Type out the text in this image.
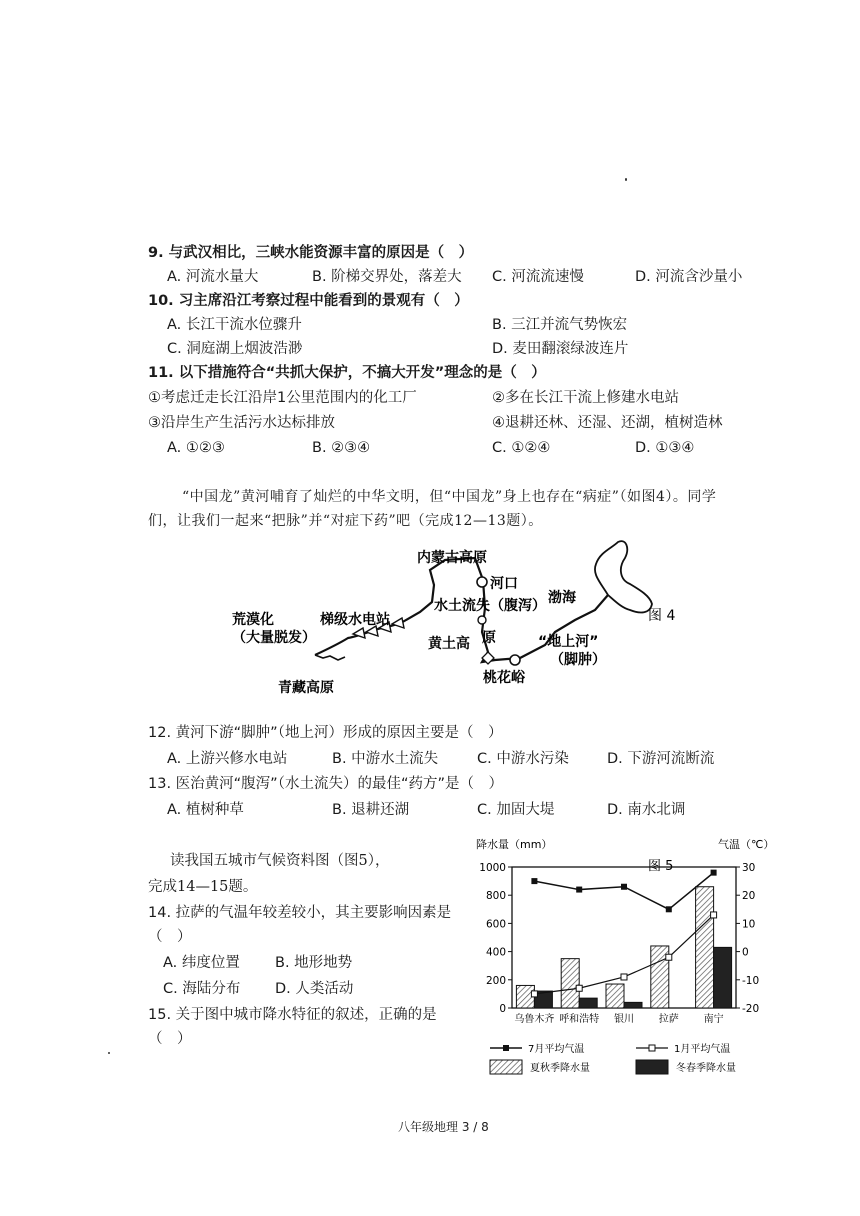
9. 与武汉相比，三峡水能资源丰富的原因是（　）
A. 河流水量大	B. 阶梯交界处，落差大 C. 河流流速慢	D. 河流含沙量小
10. 习主席沿江考察过程中能看到的景观有（　）
A. 长江干流水位骤升	B. 三江并流气势恢宏
C. 洞庭湖上烟波浩渺	D. 麦田翻滚绿波连片
11. 以下措施符合“共抓大保护，不搞大开发”理念的是（　）
①考虑迁走长江沿岸1公里范围内的化工厂	②多在长江干流上修建水电站
③沿岸生产生活污水达标排放	④退耕还林、还湿、还湖，植树造林
A. ①②③	B. ②③④	C. ①②④	D. ①③④
“中国龙”黄河哺育了灿烂的中华文明，但“中国龙”身上也存在“病症”（如图4）。同学
们，让我们一起来“把脉”并“对症下药”吧（完成12—13题）。
内蒙古高原
河口
水土流失（腹泻） 渤海
荒漠化
（大量脱发）
梯级水电站
黄土高 原	“地上河”
（脚肿）
桃花峪
青藏高原
图 4
12. 黄河下游“脚肿”（地上河）形成的原因主要是（　）
A. 上游兴修水电站	B. 中游水土流失	C. 中游水污染	D. 下游河流断流
13. 医治黄河“腹泻”（水土流失）的最佳“药方”是（　）
A. 植树种草	B. 退耕还湖	C. 加固大堤	D. 南水北调
读我国五城市气候资料图（图5），
完成14—15题。
14. 拉萨的气温年较差较小，其主要影响因素是
（　）
A. 纬度位置 B. 地形地势
C. 海陆分布 D. 人类活动
15. 关于图中城市降水特征的叙述，正确的是
（　）
降水量（mm）	气温（℃）
图 5
1000
800
600
400
200
0
30
20
10
0
-10
-20
乌鲁木齐 呼和浩特 银川 拉萨 南宁
7月平均气温	1月平均气温
夏秋季降水量	冬春季降水量
八年级地理 3 / 8
